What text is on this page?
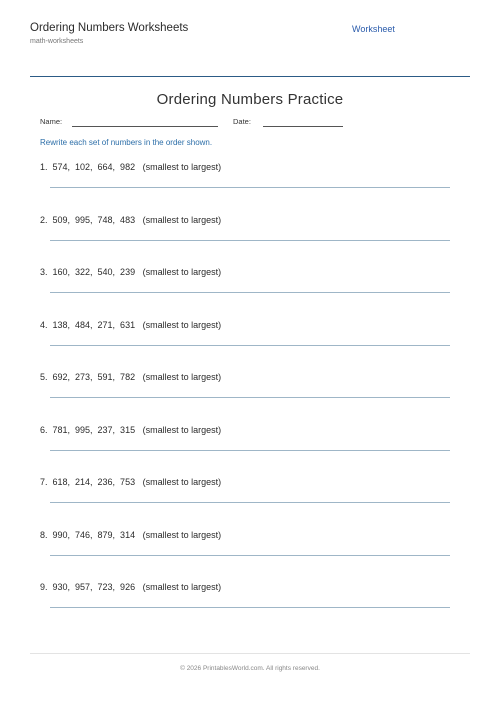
Ordering Numbers Worksheets
math-worksheets
Worksheet
Ordering Numbers Practice
Name:	Date:
Rewrite each set of numbers in the order shown.
1.  574,  102,  664,  982   (smallest to largest)
2.  509,  995,  748,  483   (smallest to largest)
3.  160,  322,  540,  239   (smallest to largest)
4.  138,  484,  271,  631   (smallest to largest)
5.  692,  273,  591,  782   (smallest to largest)
6.  781,  995,  237,  315   (smallest to largest)
7.  618,  214,  236,  753   (smallest to largest)
8.  990,  746,  879,  314   (smallest to largest)
9.  930,  957,  723,  926   (smallest to largest)
© 2026 PrintablesWorld.com. All rights reserved.
